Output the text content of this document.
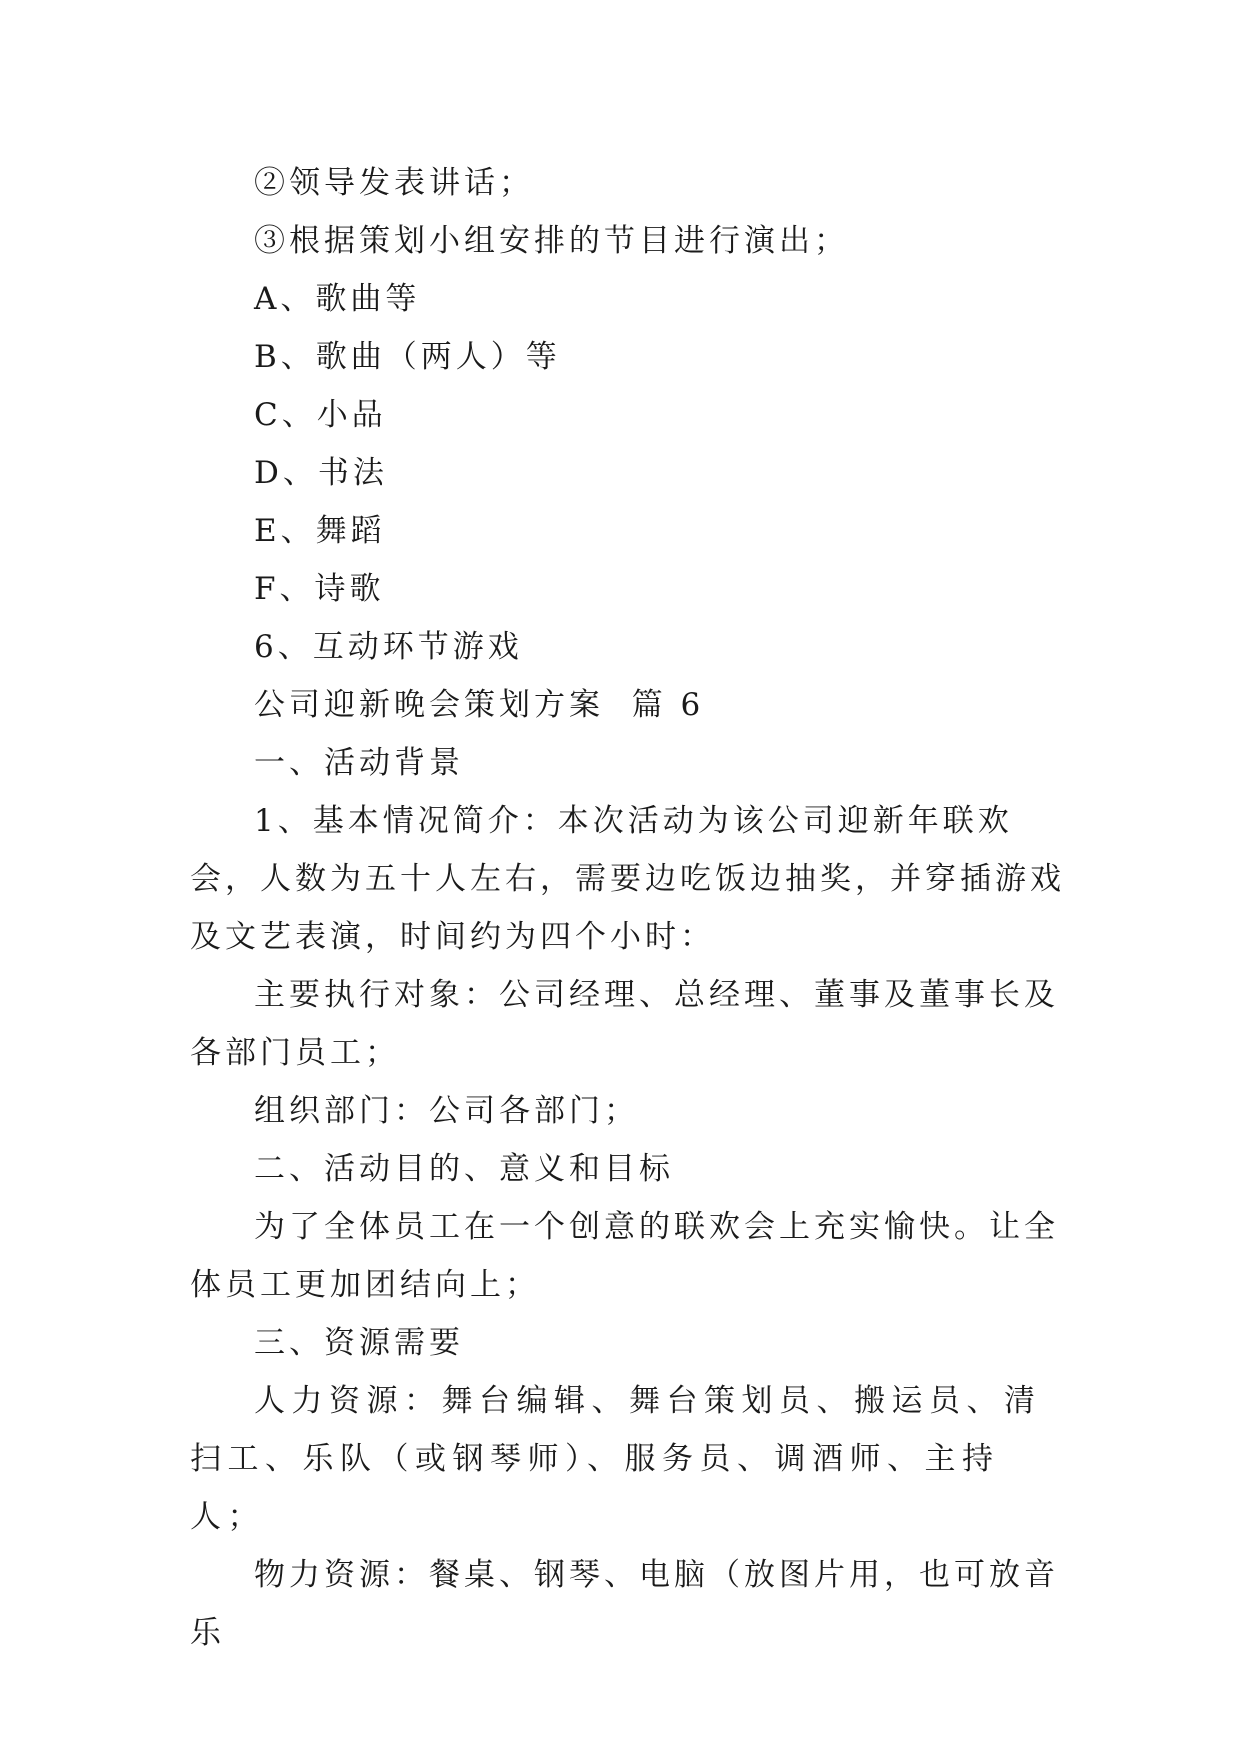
②领导发表讲话；

③根据策划小组安排的节目进行演出；

A、歌曲等

B、歌曲（两人）等

C、小品

D、书法

E、舞蹈

F、诗歌

6、互动环节游戏

公司迎新晚会策划方案  篇 6

一、活动背景

1、基本情况简介：本次活动为该公司迎新年联欢会，人数为五十人左右，需要边吃饭边抽奖，并穿插游戏及文艺表演，时间约为四个小时：

主要执行对象：公司经理、总经理、董事及董事长及各部门员工；

组织部门：公司各部门；

二、活动目的、意义和目标

为了全体员工在一个创意的联欢会上充实愉快。让全体员工更加团结向上；

三、资源需要

人力资源：舞台编辑、舞台策划员、搬运员、清扫工、乐队（或钢琴师）、服务员、调酒师、主持人；

物力资源：餐桌、钢琴、电脑（放图片用，也可放音乐
